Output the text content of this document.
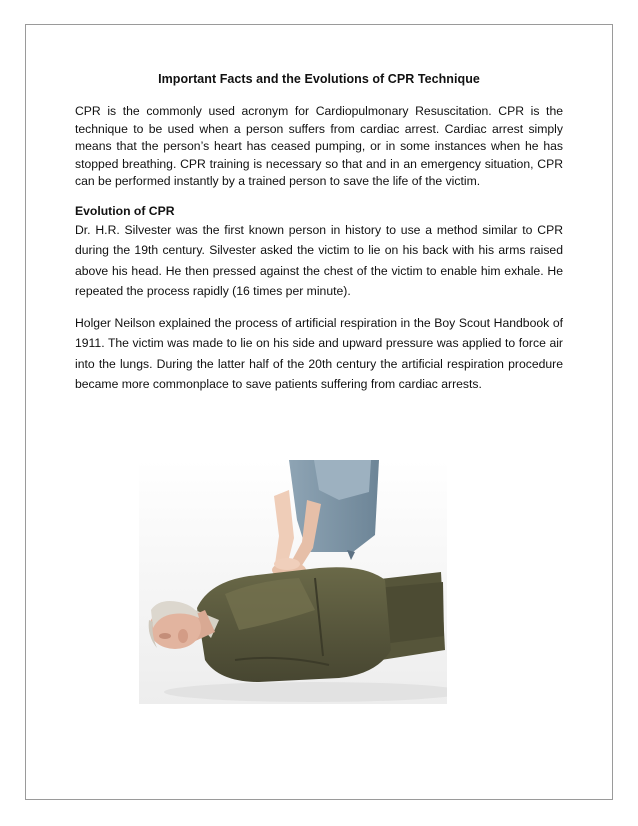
Important Facts and the Evolutions of CPR Technique

CPR is the commonly used acronym for Cardiopulmonary Resuscitation. CPR is the technique to be used when a person suffers from cardiac arrest. Cardiac arrest simply means that the person’s heart has ceased pumping, or in some instances when he has stopped breathing. CPR training is necessary so that and in an emergency situation, CPR can be performed instantly by a trained person to save the life of the victim.

Evolution of CPR

Dr. H.R. Silvester was the first known person in history to use a method similar to CPR during the 19th century. Silvester asked the victim to lie on his back with his arms raised above his head. He then pressed against the chest of the victim to enable him exhale. He repeated the process rapidly (16 times per minute).

Holger Neilson explained the process of artificial respiration in the Boy Scout Handbook of 1911. The victim was made to lie on his side and upward pressure was applied to force air into the lungs. During the latter half of the 20th century the artificial respiration procedure became more commonplace to save patients suffering from cardiac arrests.
